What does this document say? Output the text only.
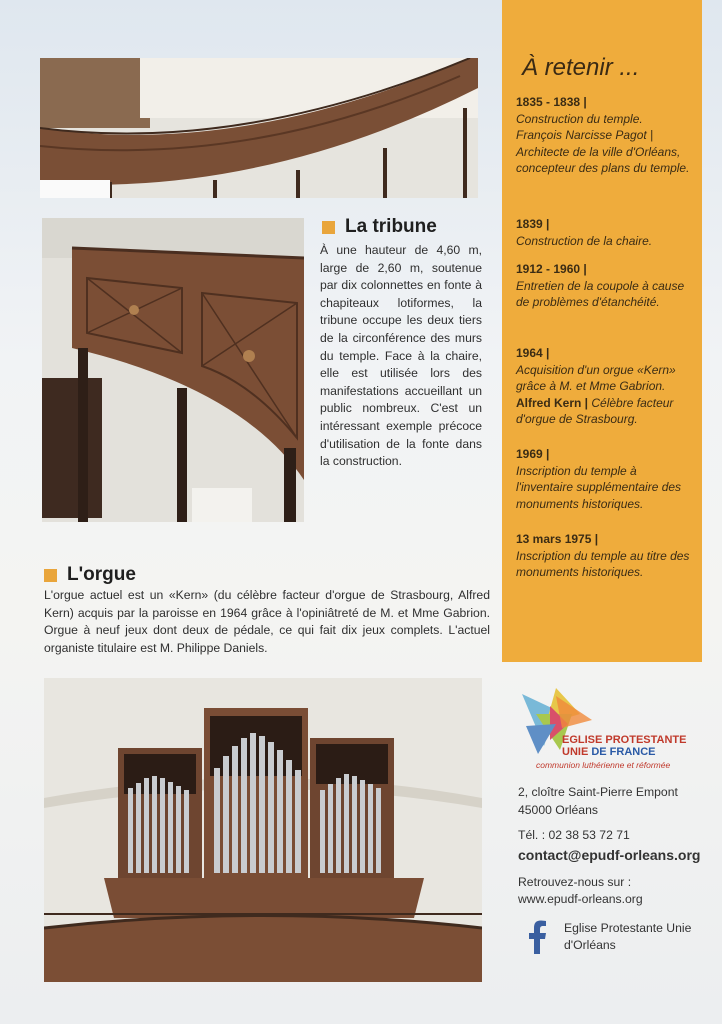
La tribune
À une hauteur de 4,60 m, large de 2,60 m, soutenue par dix colonnettes en fonte à chapiteaux lotiformes, la tribune occupe les deux tiers de la circonférence des murs du temple. Face à la chaire, elle est utilisée lors des manifestations accueillant un public nombreux. C'est un intéressant exemple précoce d'utilisation de la fonte dans la construction.
L'orgue
L'orgue actuel est un «Kern» (du célèbre facteur d'orgue de Strasbourg, Alfred Kern) acquis par la paroisse en 1964 grâce à l'opiniâtreté de M. et Mme Gabrion. Orgue à neuf jeux dont deux de pédale, ce qui fait dix jeux complets. L'actuel organiste titulaire est M. Philippe Daniels.
À retenir ...
1835 - 1838 |
Construction du temple. François Narcisse Pagot | Architecte de la ville d'Orléans, concepteur des plans du temple.
1839 |
Construction de la chaire.
1912 - 1960 |
Entretien de la coupole à cause de problèmes d'étanchéité.
1964 |
Acquisition d'un orgue «Kern» grâce à M. et Mme Gabrion.
Alfred Kern | Célèbre facteur d'orgue de Strasbourg.
1969 |
Inscription du temple à l'inventaire supplémentaire des monuments historiques.
13 mars 1975 |
Inscription du temple au titre des monuments historiques.
EGLISE PROTESTANTE
UNIE DE FRANCE
communion luthérienne et réformée
2, cloître Saint-Pierre Empont
45000 Orléans
Tél. : 02 38 53 72 71
contact@epudf-orleans.org
Retrouvez-nous sur :
www.epudf-orleans.org
Eglise Protestante Unie d'Orléans
